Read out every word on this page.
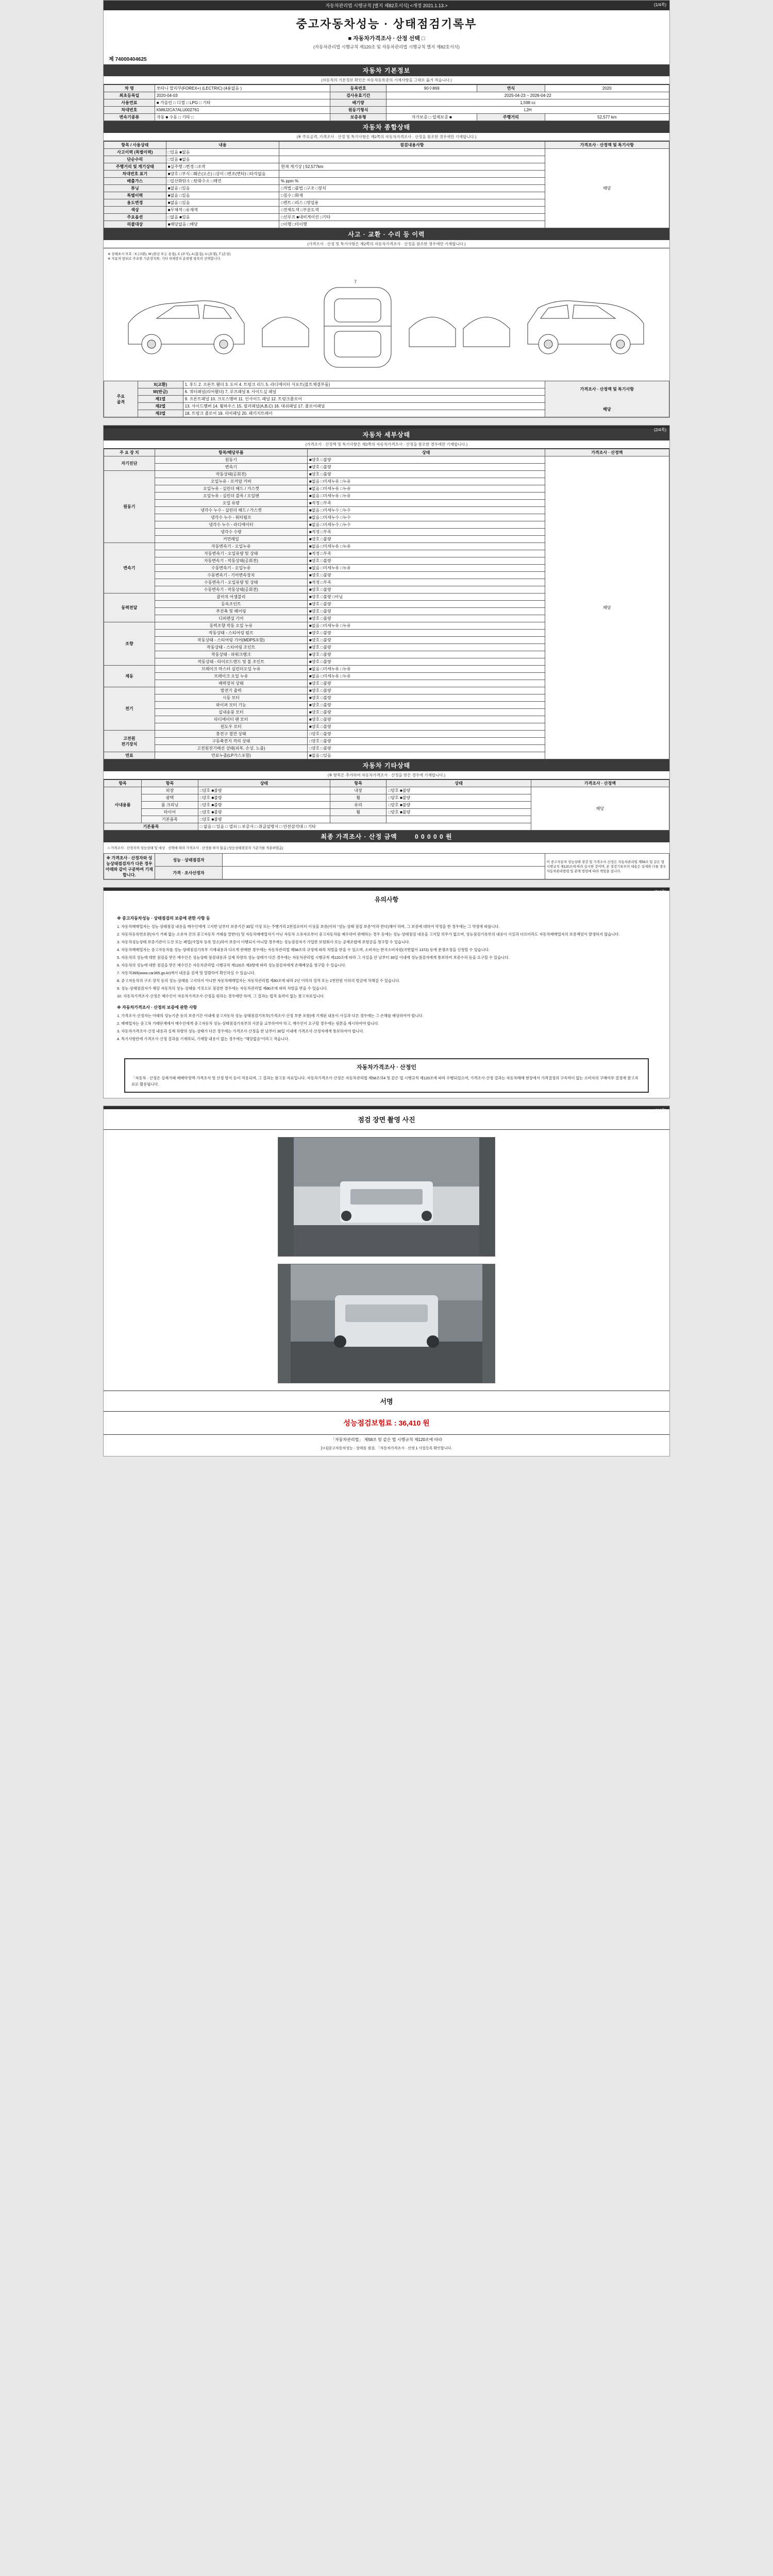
자동차관리법 시행규칙 [별지 제82호서식] <개정 2021.1.13.>	(1/4쪽)
중고자동차성능 · 상태점검기록부
■ 자동차가격조사 · 산정 선택 □
(자동차관리법 시행규칙 제120조 및 자동차관리법 시행규칙 별지 제82호서식)
제 74000404625
자동차 기본정보
(자동차의 기본정보 확인은 자동차등록증의 기재사항을 그대로 옮겨 적습니다.)
차 명	쏘타니 말리부(FOREX+) (LECTRIC) (4륜없음 )	등록번호	90수869	연식	2020
최초등록일	2020-04-03	검사유효기간	2025-04-23 ~ 2026-04-22		
사용연료	■ 가솔린 □ 디젤 □ LPG □ 기타	배기량	1,598 cc		
차대번호	KM8J2CA7ALU002761	원동기형식	L2H		
변속기종류	자동 ■ 수동 □ 기타 □	보증유형	자가보증 □ 업체보증 ■	주행거리	52,577 km
자동차 종합상태
(※ 주요골격, 가격조사 · 산정 및 특기사항은 제2쪽의 자동차가격조사 · 산정을 참조한 경우에만 기재합니다.)
항목 / 사용상태	내용	점검내용사항	가격조사 · 산정액 및 특기사항
사고이력 (특별이력)	□있음 ■없음		해당
단순수리	□있음 ■없음		
주행거리 및 계기상태	■실주행 □변경 □조작	현재 계기상 | 52,577km	
차대번호 표기	■양호 □부식 □훼손(오손) □상이 □변조(변타) □타각없음		
배출가스	□일산화탄소 □탄화수소 □매연	% ppm %	
튜닝	■없음 □있음	□적법 □불법 □구조 □장치	
특별이력	■없음 □있음	□침수 □화재	
용도변경	■없음 □있음	□렌트 □리스 □영업용	
색상	■무채색 □유채색	□전체도색 □부분도색	
주요옵션	□없음 ■있음	□선루프 ■내비게이션 □기타	
리콜대상	■해당없음 □해당	□이행 □미이행	
사고 · 교환 · 수리 등 이력
(가격조사 · 산정 및 특기사항은 제2쪽의 자동차가격조사 · 산정을 참조한 경우에만 기재합니다.)
※ 상태표시 부호 : X (교환), W (판금 또는 용접), C (부식), A (흠집), U (요철), T (손상)
※ 자동차 앞뒤로 주요한 기준장치와, 기타 차체장치 순위별 항목의 선택합니다.
7
주요
골격	X(교환)	1. 후드 2. 프론트 휀더 3. 도어 4. 트렁크 리드 5. 라디에이터 서포트(볼트체결부품)	
가격조사 · 산정액 및 특기사항
해당

	W(판금)	6. 쿼터패널(리어휀더) 7. 루프패널 8. 사이드실 패널	
	제1열	9. 프론트패널 10. 크로스멤버 11. 인사이드 패널 12. 트렁크플로어	
	제2열	13. 사이드멤버 14. 휠하우스 15. 필러패널(A,B,C) 16. 대쉬패널 17. 플로어패널	
	제3열	18. 트렁크 플로어 19. 리어패널 20. 패키지트레이	
(2/4쪽)
자동차 세부상태
(가격조사 · 산정액 및 특기사항은 제2쪽의 자동차가격조사 · 산정을 참조한 경우에만 기재합니다.)
주 요 장 치	항목/해당부품	상태	가격조사 · 산정액
자기진단	원동기	■양호 □불량	해당
	변속기	■양호 □불량	
원동기	작동상태(공회전)	■양호 □불량	
	오일누유 - 로커암 커버	■없음 □미세누유 □누유	
	오일누유 - 실린더 헤드 / 가스켓	■없음 □미세누유 □누유	
	오일누유 - 실린더 블록 / 오일팬	■없음 □미세누유 □누유	
	오일 유량	■적정 □부족	
	냉각수 누수 - 실린더 헤드 / 가스켓	■없음 □미세누수 □누수	
	냉각수 누수 - 워터펌프	■없음 □미세누수 □누수	
	냉각수 누수 - 라디에이터	■없음 □미세누수 □누수	
	냉각수 수량	■적정 □부족	
	커먼레일	■양호 □불량	
변속기	자동변속기 - 오일누유	■없음 □미세누유 □누유	
	자동변속기 - 오일유량 및 상태	■적정 □부족	
	자동변속기 - 작동상태(공회전)	■양호 □불량	
	수동변속기 - 오일누유	■없음 □미세누유 □누유	
	수동변속기 - 기어변속장치	■양호 □불량	
	수동변속기 - 오일유량 및 상태	■적정 □부족	
	수동변속기 - 작동상태(공회전)	■양호 □불량	
동력전달	클러치 어셈블리	■양호 □불량 □아님	
	등속조인트	■양호 □불량	
	추진축 및 베어링	■양호 □불량	
	디퍼렌셜 기어	■양호 □불량	
조향	동력조향 작동 오일 누유	■없음 □미세누유 □누유	
	작동상태 - 스티어링 펌프	■양호 □불량	
	작동상태 - 스티어링 기어(MDPS포함)	■양호 □불량	
	작동상태 - 스티어링 조인트	■양호 □불량	
	작동상태 - 파워크랭크	■양호 □불량	
	작동상태 - 타이로드엔드 및 볼 조인트	■양호 □불량	
제동	브레이크 마스터 실린더오일 누유	■없음 □미세누유 □누유	
	브레이크 오일 누유	■없음 □미세누유 □누유	
	배력장치 상태	■양호 □불량	
전기	발전기 출력	■양호 □불량	
	시동 모터	■양호 □불량	
	와이퍼 모터 기능	■양호 □불량	
	실내송풍 모터	■양호 □불량	
	라디에이터 팬 모터	■양호 □불량	
	윈도우 모터	■양호 □불량	
고전원
전기장치	충전구 절연 상태	□양호 □불량	
	구동축전지 격리 상태	□양호 □불량	
	고전원전기배선 상태(피복, 손상, 노출)	□양호 □불량	
연료	연료누출(LP가스포함)	■없음 □있음	
자동차 기타상태
(※ 항목은 추가하여 자동차가격조사 · 산정을 받은 경우에 기재합니다.)
항목	항목	상태	항목	상태	가격조사 · 산정액
사내용품	외장	□양호 ■불량	내장	□양호 ■불량	해당
	광택	□양호 ■불량	휠	□양호 ■불량	
	룸 크리닝	□양호 ■불량	유리	□양호 ■불량	
	타이어	□양호 ■불량	휠	□양호 ■불량	
	기본품목	□양호 ■불량			
기본품목		□ 없음 □ 있음 □ 열쇠 □ 보증서 □ 취급설명서 □ 안전삼각대 □ 기타			
최종 가격조사 · 산정 금액	0 0 0 0 0 원
□ 가격조사 · 산정자의 성능상태 및 대상 · 선택에 따라 가격조사 · 산정을 하지 않음 (성능상태점검자 기준가를 적용하였음)
※ 가격조사 · 산정자와 성능상태점검자가 다른 경우 아래와 같이 구분하여 기재합니다.	성능 · 상태점검자		이 중고자동차 성능상태 점검 및 가격조사·산정은 자동차관리법 제58조 및 같은 법 시행규칙 제120조에 따라 실시한 것이며, 본 점검기록부의 내용은 실제와 다를 경우 자동차관리법령 및 관계 법령에 따라 책임을 집니다.
	가격 · 조사산정자		
(3/4쪽)
유의사항
※ 중고자동차성능 · 상태점검의 보증에 관한 사항 등
1. 자동차매매업자는 성능·상태점검 내용을 매수인에게 고지한 날부터 보증기간 30일 이상 또는 주행거리 2천킬로미터 이상을 보증(이하 "성능·상태 점검 보증"이라 한다)해야 하며, 그 보증에 대하여 약정을 한 경우에는 그 약정에 따릅니다.
2. 자동차등록번호판(자가 거래 없는 소유자 간의 중고자동차 거래를 말한다) 및 자동차매매업자가 아닌 자동차 소유자로부터 중고자동차를 매수하여 판매하는 경우 등에는 성능·상태점검 내용을 고지할 의무가 없으며, 성능점검기록부의 내용이 사실과 다르더라도 자동차매매업자의 보증책임이 발생하지 않습니다.
3. 자동차성능상태 보증기관이 도산 또는 폐업(사업자 등록 말소)하여 보증이 이행되지 아니할 경우에는 성능점검자가 가입한 보험회사 또는 공제조합에 보험금을 청구할 수 있습니다.
4. 자동차매매업자는 중고자동차를 성능·상태점검기록부 기재내용과 다르게 판매한 경우에는 자동차관리법 제58조의 규정에 따라 처벌을 받을 수 있으며, 소비자는 한국소비자원(국번없이 1372) 등에 분쟁조정을 신청할 수 있습니다.
5. 자동차의 성능에 대한 점검을 받은 매수인은 성능상태 점검내용과 실제 차량의 성능·상태가 다른 경우에는 자동차관리법 시행규칙 제120조에 따라 그 사실을 안 날부터 30일 이내에 성능점검자에게 통보하여 보증수리 등을 요구할 수 있습니다.
6. 자동차의 성능에 대한 점검을 받은 매수인은 자동차관리법 시행규칙 제120조 제3항에 따라 성능점검자에게 손해배상을 청구할 수 있습니다.
7. 자동차365(www.car365.go.kr)에서 내용을 검색 및 열람하여 확인하실 수 있습니다.
8. 중고자동차의 구조·장치 등의 성능·상태를 고지하지 아니한 자동차매매업자는 자동차관리법 제80조에 따라 2년 이하의 징역 또는 2천만원 이하의 벌금에 처해질 수 있습니다.
9. 성능·상태점검자가 해당 자동차의 성능·상태를 거짓으로 점검한 경우에는 자동차관리법 제80조에 따라 처벌을 받을 수 있습니다.
10. 자동차가격조사·산정은 매수인이 자동차가격조사·산정을 원하는 경우에만 하며, 그 결과는 법적 효력이 없는 참고자료입니다.
※ 자동차가격조사 · 산정의 보증에 관한 사항
1. 가격조사·산정자는 아래의 성능기준 등의 보증기간 이내에 중고자동차 성능·상태점검기록부(가격조사·산정 부분 포함)에 기재된 내용이 사실과 다른 경우에는 그 손해를 배상하여야 합니다.
2. 매매업자는 중고차 거래단계에서 매수인에게 중고자동차 성능·상태점검기록부의 사본을 교부하여야 하고, 매수인이 요구할 경우에는 원본을 제시하여야 합니다.
3. 자동차가격조사·산정 내용과 실제 차량의 성능·상태가 다른 경우에는 가격조사·산정을 한 날부터 30일 이내에 가격조사·산정자에게 통보하여야 합니다.
4. 특기사항란에 가격조사·산정 결과를 기재하되, 기재할 내용이 없는 경우에는 "해당없음"이라고 적습니다.
자동차가격조사 · 산정인
「자동차 · 산정은 실제거래 매매약정액·가격조사 및 산정 방식 등이 적용되며, 그 결과는 참고용 자료입니다. 자동차가격조사·산정은 자동차관리법 제58조의4 및 같은 법 시행규칙 제120조에 따라 수행되었으며, 가격조사·산정 결과는 자동차매매 현장에서 가격결정의 구속력이 없는 소비자의 구매여부 결정에 참고자료로 활용됩니다.
(4/4쪽)
점검 장면 촬영 사진
서명
성능점검보험료 : 36,410 원
「자동차관리법」 제58조 및 같은 법 시행규칙 제120조에 따라
[ㅂ1]중고자동차성능 · 상태를 점검, 「자동차가격조사 · 산정 1 사업등록 확인합니다.
